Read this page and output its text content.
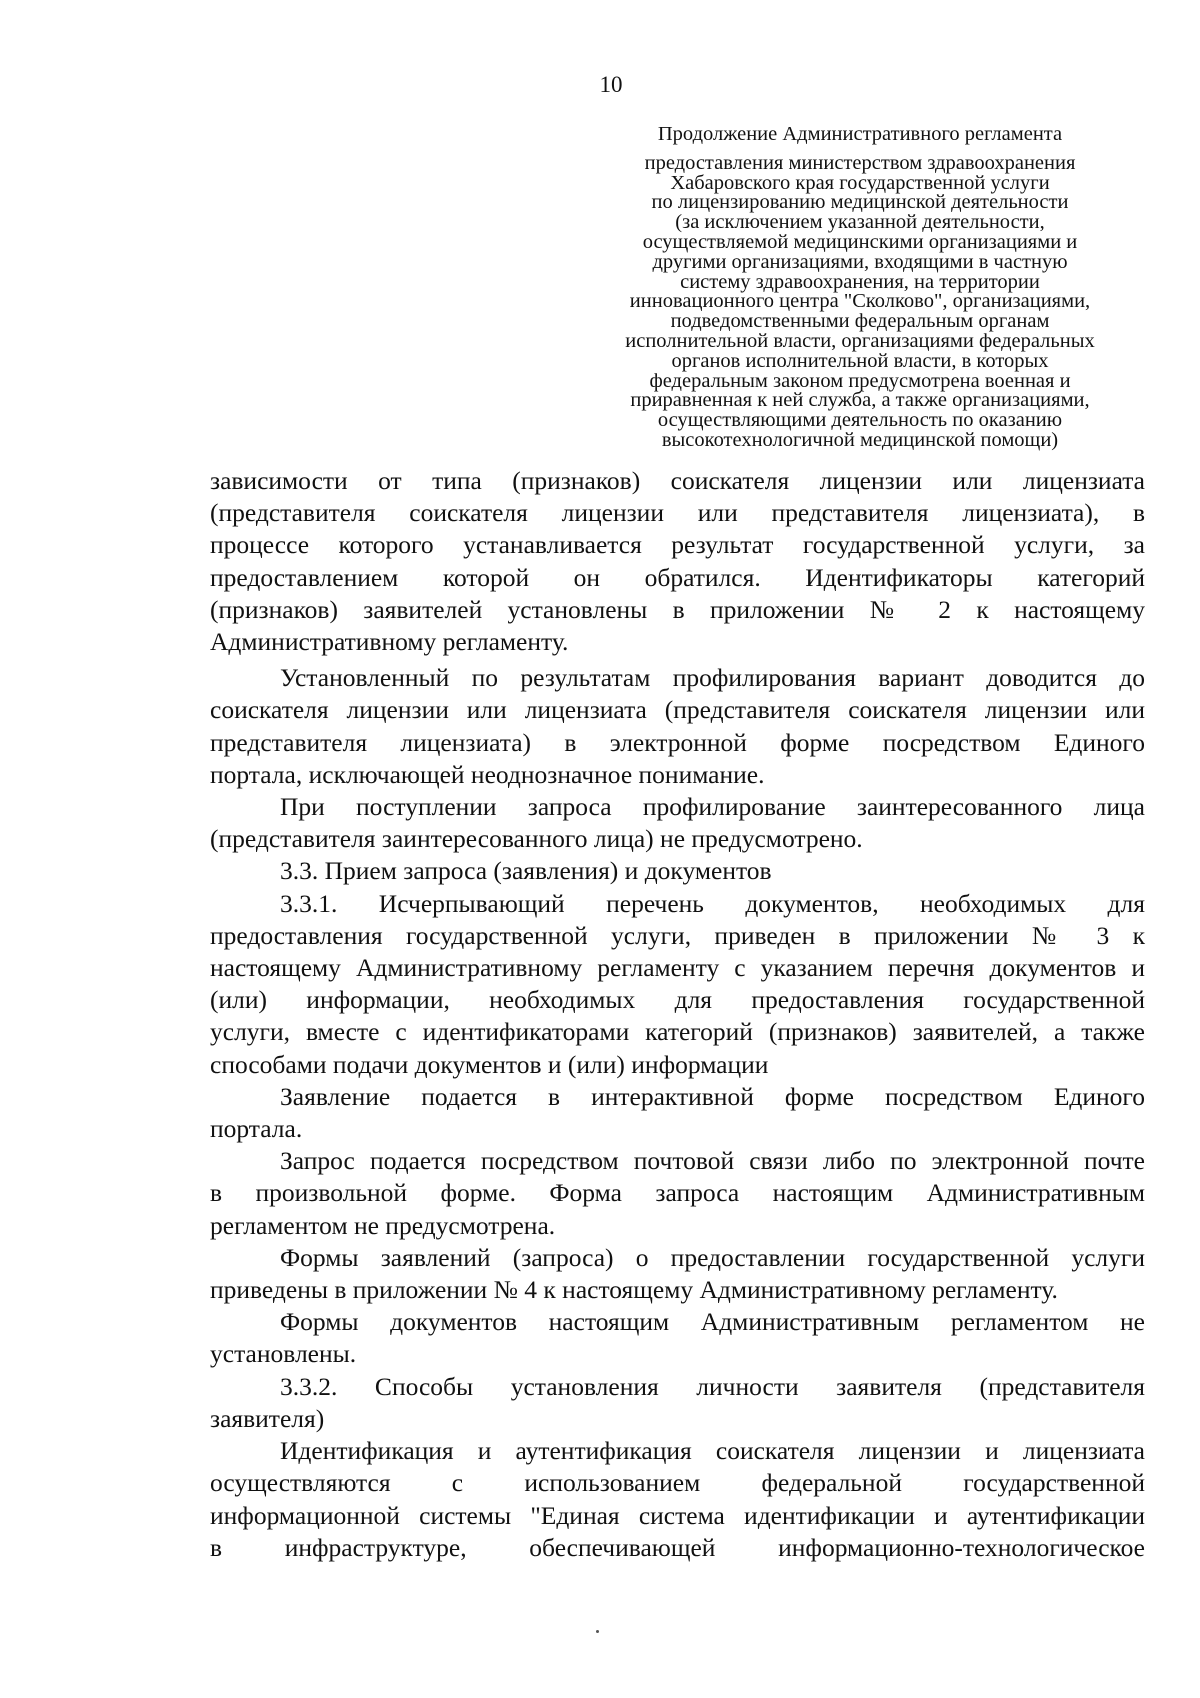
10
Продолжение Административного регламента
предоставления министерством здравоохранения
Хабаровского края государственной услуги
по лицензированию медицинской деятельности
(за исключением указанной деятельности,
осуществляемой медицинскими организациями и
другими организациями, входящими в частную
систему здравоохранения, на территории
инновационного центра "Сколково", организациями,
подведомственными федеральным органам
исполнительной власти, организациями федеральных
органов исполнительной власти, в которых
федеральным законом предусмотрена военная и
приравненная к ней служба, а также организациями,
осуществляющими деятельность по оказанию
высокотехнологичной медицинской помощи)
зависимости от типа (признаков) соискателя лицензии или лицензиата
(представителя соискателя лицензии или представителя лицензиата), в
процессе которого устанавливается результат государственной услуги, за
предоставлением которой он обратился. Идентификаторы категорий
(признаков) заявителей установлены в приложении № 2 к настоящему
Административному регламенту.
Установленный по результатам профилирования вариант доводится до
соискателя лицензии или лицензиата (представителя соискателя лицензии или
представителя лицензиата) в электронной форме посредством Единого
портала, исключающей неоднозначное понимание.
При поступлении запроса профилирование заинтересованного лица
(представителя заинтересованного лица) не предусмотрено.
3.3. Прием запроса (заявления) и документов
3.3.1. Исчерпывающий перечень документов, необходимых для
предоставления государственной услуги, приведен в приложении № 3 к
настоящему Административному регламенту с указанием перечня документов и
(или) информации, необходимых для предоставления государственной
услуги, вместе с идентификаторами категорий (признаков) заявителей, а также
способами подачи документов и (или) информации
Заявление подается в интерактивной форме посредством Единого
портала.
Запрос подается посредством почтовой связи либо по электронной почте
в произвольной форме. Форма запроса настоящим Административным
регламентом не предусмотрена.
Формы заявлений (запроса) о предоставлении государственной услуги
приведены в приложении № 4 к настоящему Административному регламенту.
Формы документов настоящим Административным регламентом не
установлены.
3.3.2. Способы установления личности заявителя (представителя
заявителя)
Идентификация и аутентификация соискателя лицензии и лицензиата
осуществляются с использованием федеральной государственной
информационной системы "Единая система идентификации и аутентификации
в инфраструктуре, обеспечивающей информационно-технологическое
